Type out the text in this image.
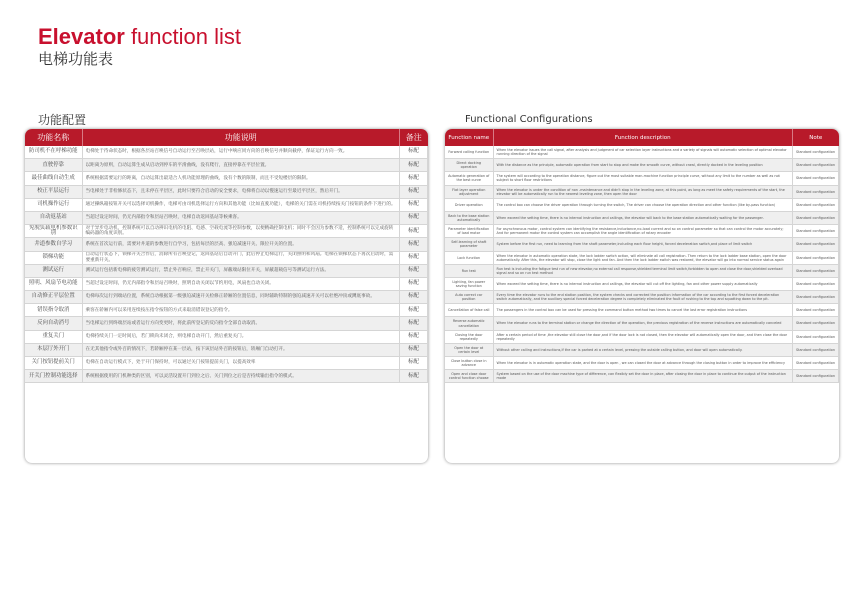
Elevator function list
电梯功能表
功能配置	Functional Configurations
功能名称	功能说明	备注
防司机不在呼梯功能	电梯处于待命状态时，根据各层站召唤信号自动运行至召唤层站，运行中响应同方向的召唤信号并顺向截停，保证运行方向一致。	标配
直驶停靠	以距离为原则，自动运算生成从启动到停车的平滑曲线，没有爬行，直接停靠在平层位置。	标配
最佳曲线自动生成	系统根据需要运行的距离，自动运算出最适合人机功能原理的曲线，没有个数的限制，而且不受短楼层的限制。	标配
校正平层运行	当电梯处于非检修状态下，且未停在平层区，此时只要符合启动的安全要求，电梯将自动以慢速运行至最近平层区，然后开门。	标配
司机操作运行	通过操纵箱按钮开关可以选择司机操作，电梯可由司机选择运行方向和其他功能（比如直驶功能），电梯的关门需在司机持续按关门按钮的条件下进行的。	标配
自动返基站	当超过设定时间，仍无内部指令和层站召唤时，电梯自动返回基站等候乘客。	标配
免脱负载电机参数识别	对于异步电动机，控制系统可以自动辨识电机的电阻、电感、空载电流等控制参数，以便精确控制电机；同时不会因为参数不适，控制系统可以完成旋转编码器的角度识别。	标配
井道参数自学习	系统在首次运行前，需要对井道的参数进行自学习，包括每层的层高、强迫减速开关、限位开关的位置。	标配
锁梯功能	自动运行状态下，锁梯开关合作后，消除所有召唤登记，返回基站后自动开门，此后停止电梯运行，关闭照明和风扇。电梯在锁梯状态下再次启动时，需要重新开关。	标配
测试运行	测试运行包括新电梯的疲劳测试运行，禁止外召响应，禁止开关门，屏蔽端站限位开关，屏蔽超载信号等测试运行方法。	标配
照明、风扇节电功能	当超过设定时间，仍无内部指令和层站召唤时，照明自动关闭以节约用电，风扇也自动关闭。	标配
自动修正平层位置	电梯每次运行到端站位置，系统自动根据第一级强迫减速开关检修正轿厢的位置信息，同时辅助特制的强迫减速开关可以杜绝冲顶或蹲底事故。	标配
错误指令取消	乘客在轿厢内可以采用连续按压指令按钮的方式来取消错误登记的指令。	标配
反向自动消号	当电梯运行到终端层站或者运行方向变更时，将此前所登记的反向指令全部自动取消。	标配
重复关门	电梯持续关门一定时间后，若门锁尚未闭合，则电梯自动开门，然后重复关门。	标配
本层厅外开门	在无其他指令或外召的情况下，若轿厢停在某一层站，按下该层站外召的按钮后，轿厢门自动打开。	标配
关门按钮提前关门	电梯在自动运行模式下，处于开门保持时，可以通过关门按钮提前关门，以提高效率	标配
开关门控制功能选择	系统根据使用的门机种类的区别，可以灵活设置开门到位之后、关门到位之后是否持续输出指令的模式。	标配
Function name	Function description	Note
Forward calling function	When the elevator issues the call signal, after analysis and judgment of car selection layer instructions and a variety of signals will automatic selection of optimal elevator running direction of the signal	Standard configuration
Direct docking operation	With the distance as the principle, automatic operation from start to stop and make the smooth curve, without crawl, directly docked in the leveling position	Standard configuration
Automatic generation of the best curve	The system will according to the operation distance, figure out the most suitable man-machine function principle curve, without any limit to the number as well as not subject to short floor restrictions	Standard configuration
Flat layer operation adjustment	When the elevator is under the condition of non -maintenance and didn't stop in the leveling zone, at this point, as long as meet the safety requirements of the start, the elevator will be automatically run to the nearest leveling zone, then open the door	Standard configuration
Driver operation	The control box can choose the driver operation through turning the switch, The driver can choose the operation direction and other function (like by-pass function)	Standard configuration
Back to the base station automatically	When exceed the setting time, there is no internal instruction and callings, the elevator will back to the base station automatically waiting for the passenger.	Standard configuration
Parameter identification of load motor	For asynchronous motor, control system can identifying the resistance,inductance,no-load current and so on control parameter so that can control the motor accurately; And for permanent motor the control system can accomplish the angle identification of rotary encoder	Standard configuration
Self-learning of shaft parameter	System before the first run, need to learning from the shaft parameter,including each floor height, forced deceleration switch,and place of limit switch	Standard configuration
Lock function	When the elevator in automatic operation state, the lock ladder switch action, will eliminate all call registration. Then return to the lock ladder base station, open the door automatically. After this, the elevator will stop, close the light and fan. And then the lock ladder switch was restored, the elevator will go into normal service status again	Standard configuration
Run test	Run test is including the fatigue test run of new elevator,no external call response,shielded terminal limit switch,forbidden to open and close the door,shielded overload signal and so on run test method	Standard configuration
Lighting, fan power saving function	When exceed the setting time, there is no internal instruction and callings, the elevator will cut off the lighting, fan and other power supply automatically	Standard configuration
Auto correct car position	Every time the elevator runs to the end station position, the system checks and corrected the position information of the car according to the first forced deceleration switch automatically, and the auxiliary special forced deceleration degree is completely eliminated the fault of rushing to the top and squatting down to the pit.	Standard configuration
Cancellation of false call	The passengers in the control box can be used for pressing the command button method two times to cancel the last error registration instructions	Standard configuration
Reverse automatic cancellation	When the elevator runs to the terminal station or change the direction of the operation, the previous registration of the reverse instructions are automatically canceled	Standard configuration
Closing the door repeatedly	After a certain period of time ,the elevator still close the door,and if the door lock is not closed, then the elevator will automatically open the door, and then close the door repeatedly	Standard configuration
Open the door at certain level	Without other calling and instructions,If the car is parked at a certain level, pressing the outside calling button, and door will open automatically.	Standard configuration
Close button close in advance	When the elevator is in automatic operation state, and the door is open , we can closed the door at advance through the closing button in order to improve the efficiency	Standard configuration
Open and close door control function choose	System based on the use of the door machine type of difference, can flexibly set the door in place, after closing the door in place to continue the output of the instruction mode	Standard configuration
